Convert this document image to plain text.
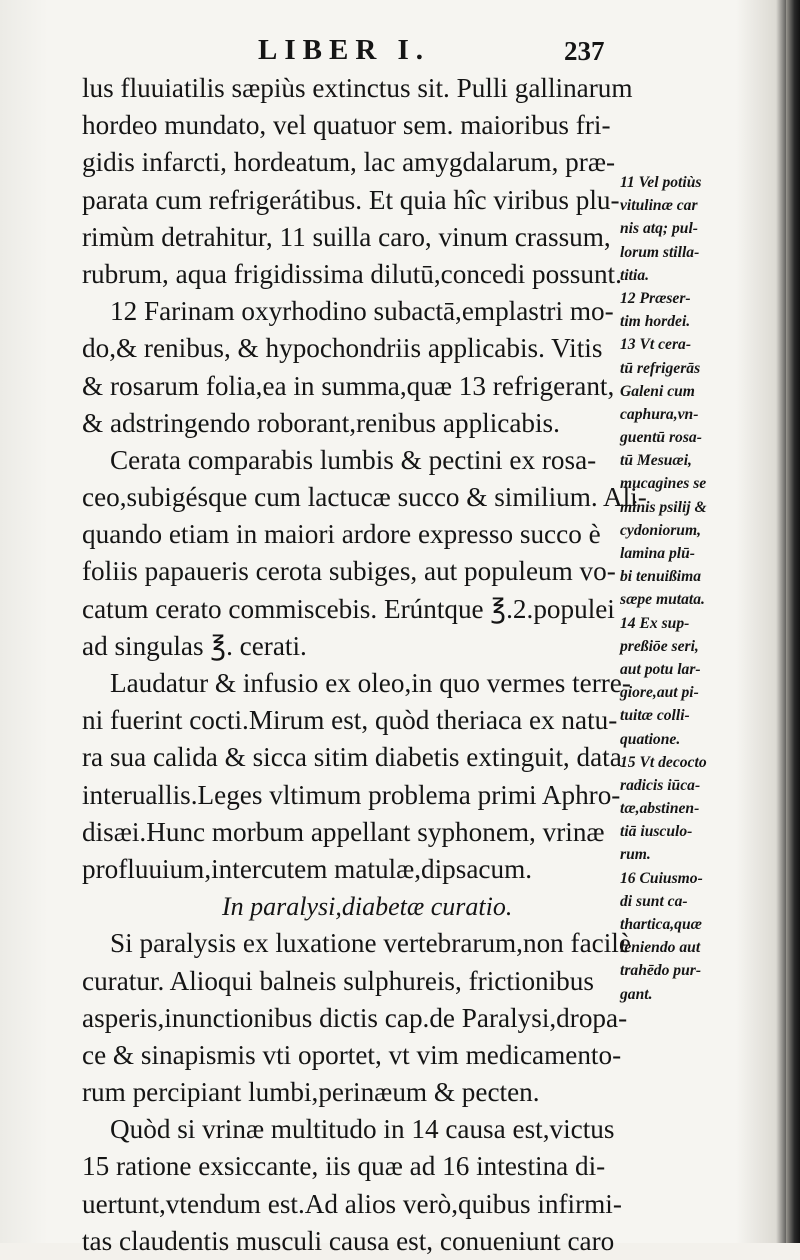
LIBER I.	237
lus fluuiatilis sæpiùs extinctus sit. Pulli gallinarum
hordeo mundato, vel quatuor sem. maioribus fri-
gidis infarcti, hordeatum, lac amygdalarum, præ-
parata cum refrigerátibus. Et quia hîc viribus plu-
rimùm detrahitur, 11 suilla caro, vinum crassum,
rubrum, aqua frigidissima dilutū,concedi possunt.
12 Farinam oxyrhodino subactā,emplastri mo-
do,& renibus, & hypochondriis applicabis. Vitis
& rosarum folia,ea in summa,quæ 13 refrigerant,
& adstringendo roborant,renibus applicabis.
Cerata comparabis lumbis & pectini ex rosa-
ceo,subigésque cum lactucæ succo & similium. Ali-
quando etiam in maiori ardore expresso succo è
foliis papaueris cerota subiges, aut populeum vo-
catum cerato commiscebis. Erúntque ℥.2.populei
ad singulas ℥. cerati.
Laudatur & infusio ex oleo,in quo vermes terre-
ni fuerint cocti.Mirum est, quòd theriaca ex natu-
ra sua calida & sicca sitim diabetis extinguit, data
interuallis.Leges vltimum problema primi Aphro-
disæi.Hunc morbum appellant syphonem, vrinæ
profluuium,intercutem matulæ,dipsacum.
In paralysi,diabetæ curatio.
Si paralysis ex luxatione vertebrarum,non facilè
curatur. Alioqui balneis sulphureis, frictionibus
asperis,inunctionibus dictis cap.de Paralysi,dropa-
ce & sinapismis vti oportet, vt vim medicamento-
rum percipiant lumbi,perinæum & pecten.
Quòd si vrinæ multitudo in 14 causa est,victus
15 ratione exsiccante, iis quæ ad 16 intestina di-
uertunt,vtendum est.Ad alios verò,quibus infirmi-
tas claudentis musculi causa est, conueniunt caro
11 Vel potiùs
vitulinæ car
nis atq; pul-
lorum stilla-
titia.
12 Præser-
tim hordei.
13 Vt cera-
tū refrigerās
Galeni cum
caphura,vn-
guentū rosa-
tū Mesuæi,
mucagines se
minis psilij &
cydoniorum,
lamina plū-
bi tenuißima
sæpe mutata.
14 Ex sup-
preßiōe seri,
aut potu lar-
giore,aut pi-
tuitæ colli-
quatione.
15 Vt decocto
radicis iūca-
tæ,abstinen-
tiā iusculo-
rum.
16 Cuiusmo-
di sunt ca-
thartica,quæ
leniendo aut
trahēdo pur-
gant.
